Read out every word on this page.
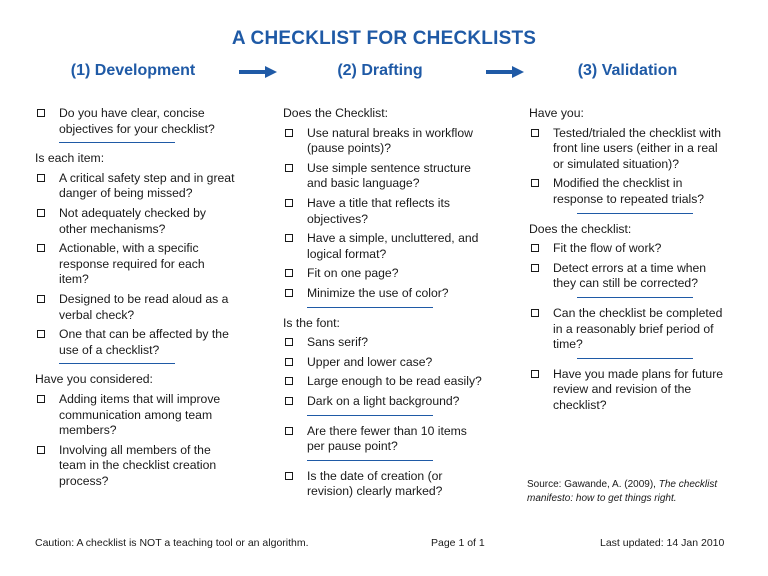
A CHECKLIST FOR CHECKLISTS
(1) Development	(2) Drafting	(3) Validation
Do you have clear, concise objectives for your checklist?
Is each item:
A critical safety step and in great danger of being missed?
Not adequately checked by other mechanisms?
Actionable, with a specific response required for each item?
Designed to be read aloud as a verbal check?
One that can be affected by the use of a checklist?
Have you considered:
Adding items that will improve communication among team members?
Involving all members of the team in the checklist creation process?
Does the Checklist:
Use natural breaks in workflow (pause points)?
Use simple sentence structure and basic language?
Have a title that reflects its objectives?
Have a simple, uncluttered, and logical format?
Fit on one page?
Minimize the use of color?
Is the font:
Sans serif?
Upper and lower case?
Large enough to be read easily?
Dark on a light background?
Are there fewer than 10 items per pause point?
Is the date of creation (or revision) clearly marked?
Have you:
Tested/trialed the checklist with front line users (either in a real or simulated situation)?
Modified the checklist in response to repeated trials?
Does the checklist:
Fit the flow of work?
Detect errors at a time when they can still be corrected?
Can the checklist be completed in a reasonably brief period of time?
Have you made plans for future review and revision of the checklist?
Source: Gawande, A. (2009), The checklist manifesto: how to get things right.
Caution: A checklist is NOT a teaching tool or an algorithm.	Page 1 of 1	Last updated: 14 Jan 2010
